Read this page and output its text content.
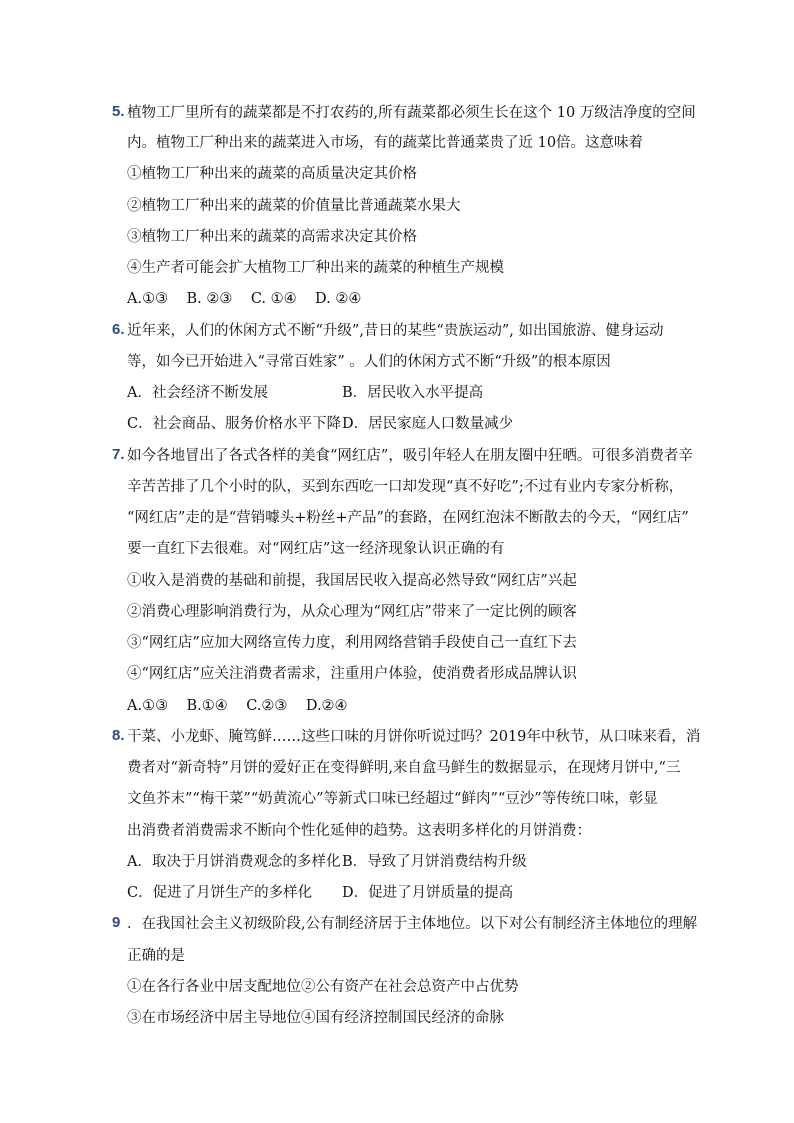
5. 植物工厂里所有的蔬菜都是不打农药的,所有蔬菜都必须生长在这个 10 万级洁净度的空间
内。植物工厂种出来的蔬菜进入市场，有的蔬菜比普通菜贵了近 10倍。这意味着
①植物工厂种出来的蔬菜的高质量决定其价格
②植物工厂种出来的蔬菜的价值量比普通蔬菜水果大
③植物工厂种出来的蔬菜的高需求决定其价格
④生产者可能会扩大植物工厂种出来的蔬菜的种植生产规模
A.①③    B. ②③    C. ①④    D. ②④
6. 近年来，人们的休闲方式不断“升级”,昔日的某些“贵族运动”, 如出国旅游、健身运动
等，如今已开始进入“寻常百姓家” 。人们的休闲方式不断“升级”的根本原因
A．社会经济不断发展	B．居民收入水平提高
C．社会商品、服务价格水平下降 D．居民家庭人口数量减少
7. 如今各地冒出了各式各样的美食“网红店”，吸引年轻人在朋友圈中狂晒。可很多消费者辛
辛苦苦排了几个小时的队，买到东西吃一口却发现“真不好吃”;不过有业内专家分析称，
“网红店”走的是“营销噱头+粉丝+产品”的套路，在网红泡沫不断散去的今天，“网红店”
要一直红下去很难。对“网红店”这一经济现象认识正确的有
①收入是消费的基础和前提，我国居民收入提高必然导致“网红店”兴起
②消费心理影响消费行为，从众心理为“网红店”带来了一定比例的顾客
③“网红店”应加大网络宣传力度，利用网络营销手段使自己一直红下去
④“网红店”应关注消费者需求，注重用户体验，使消费者形成品牌认识
A.①③    B.①④    C.②③    D.②④
8. 干菜、小龙虾、腌笃鲜……这些口味的月饼你听说过吗？2019年中秋节，从口味来看，消
费者对“新奇特”月饼的爱好正在变得鲜明,来自盒马鲜生的数据显示，在现烤月饼中,“三
文鱼芥末”“梅干菜”“奶黄流心”等新式口味已经超过“鲜肉”“豆沙”等传统口味，彰显
出消费者消费需求不断向个性化延伸的趋势。这表明多样化的月饼消费：
A．取决于月饼消费观念的多样化 B．导致了月饼消费结构升级
C．促进了月饼生产的多样化 D．促进了月饼质量的提高
9 ．在我国社会主义初级阶段,公有制经济居于主体地位。以下对公有制经济主体地位的理解
正确的是
①在各行各业中居支配地位②公有资产在社会总资产中占优势
③在市场经济中居主导地位④国有经济控制国民经济的命脉
